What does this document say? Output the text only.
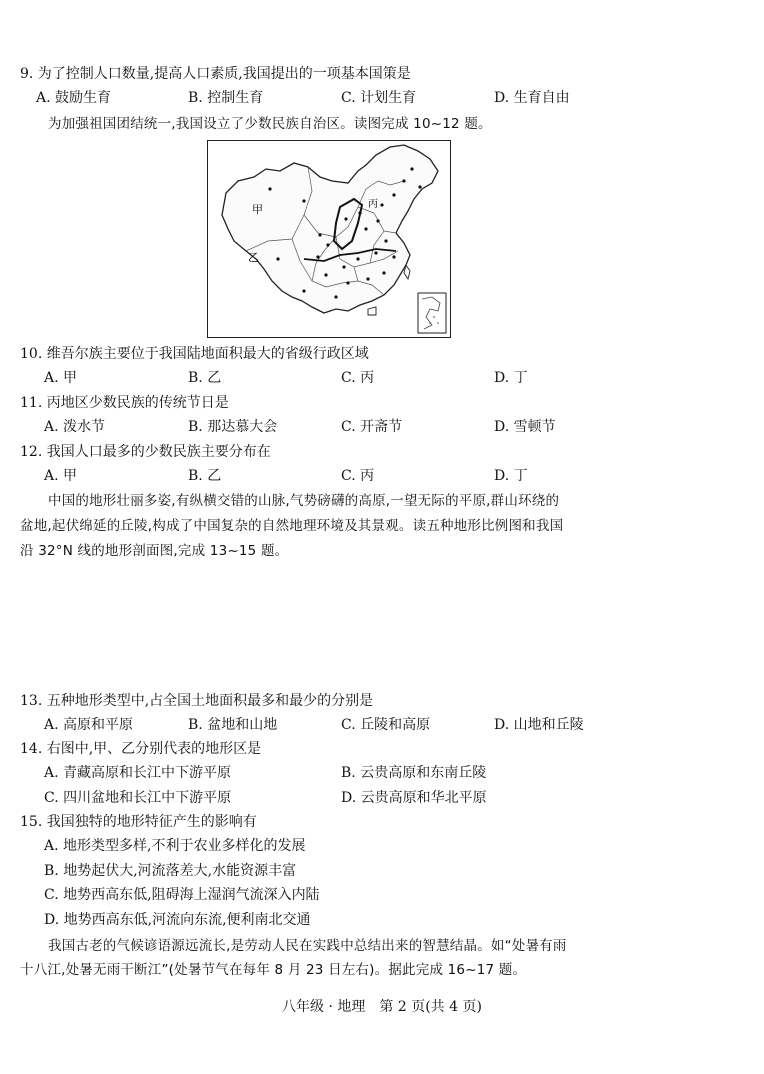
9. 为了控制人口数量,提高人口素质,我国提出的一项基本国策是
A. 鼓励生育	B. 控制生育	C. 计划生育	D. 生育自由
为加强祖国团结统一,我国设立了少数民族自治区。读图完成 10~12 题。
甲
乙
丙
10. 维吾尔族主要位于我国陆地面积最大的省级行政区域
A. 甲	B. 乙	C. 丙	D. 丁
11. 丙地区少数民族的传统节日是
A. 泼水节	B. 那达慕大会	C. 开斋节	D. 雪顿节
12. 我国人口最多的少数民族主要分布在
A. 甲	B. 乙	C. 丙	D. 丁
中国的地形壮丽多姿,有纵横交错的山脉,气势磅礴的高原,一望无际的平原,群山环绕的
盆地,起伏绵延的丘陵,构成了中国复杂的自然地理环境及其景观。读五种地形比例图和我国
沿 32°N 线的地形剖面图,完成 13~15 题。
13. 五种地形类型中,占全国土地面积最多和最少的分别是
A. 高原和平原	B. 盆地和山地	C. 丘陵和高原	D. 山地和丘陵
14. 右图中,甲、乙分别代表的地形区是
A. 青藏高原和长江中下游平原	B. 云贵高原和东南丘陵
C. 四川盆地和长江中下游平原	D. 云贵高原和华北平原
15. 我国独特的地形特征产生的影响有
A. 地形类型多样,不利于农业多样化的发展
B. 地势起伏大,河流落差大,水能资源丰富
C. 地势西高东低,阻碍海上湿润气流深入内陆
D. 地势西高东低,河流向东流,便利南北交通
我国古老的气候谚语源远流长,是劳动人民在实践中总结出来的智慧结晶。如“处暑有雨
十八江,处暑无雨干断江”(处暑节气在每年 8 月 23 日左右)。据此完成 16~17 题。
八年级 · 地理　第 2 页(共 4 页)
